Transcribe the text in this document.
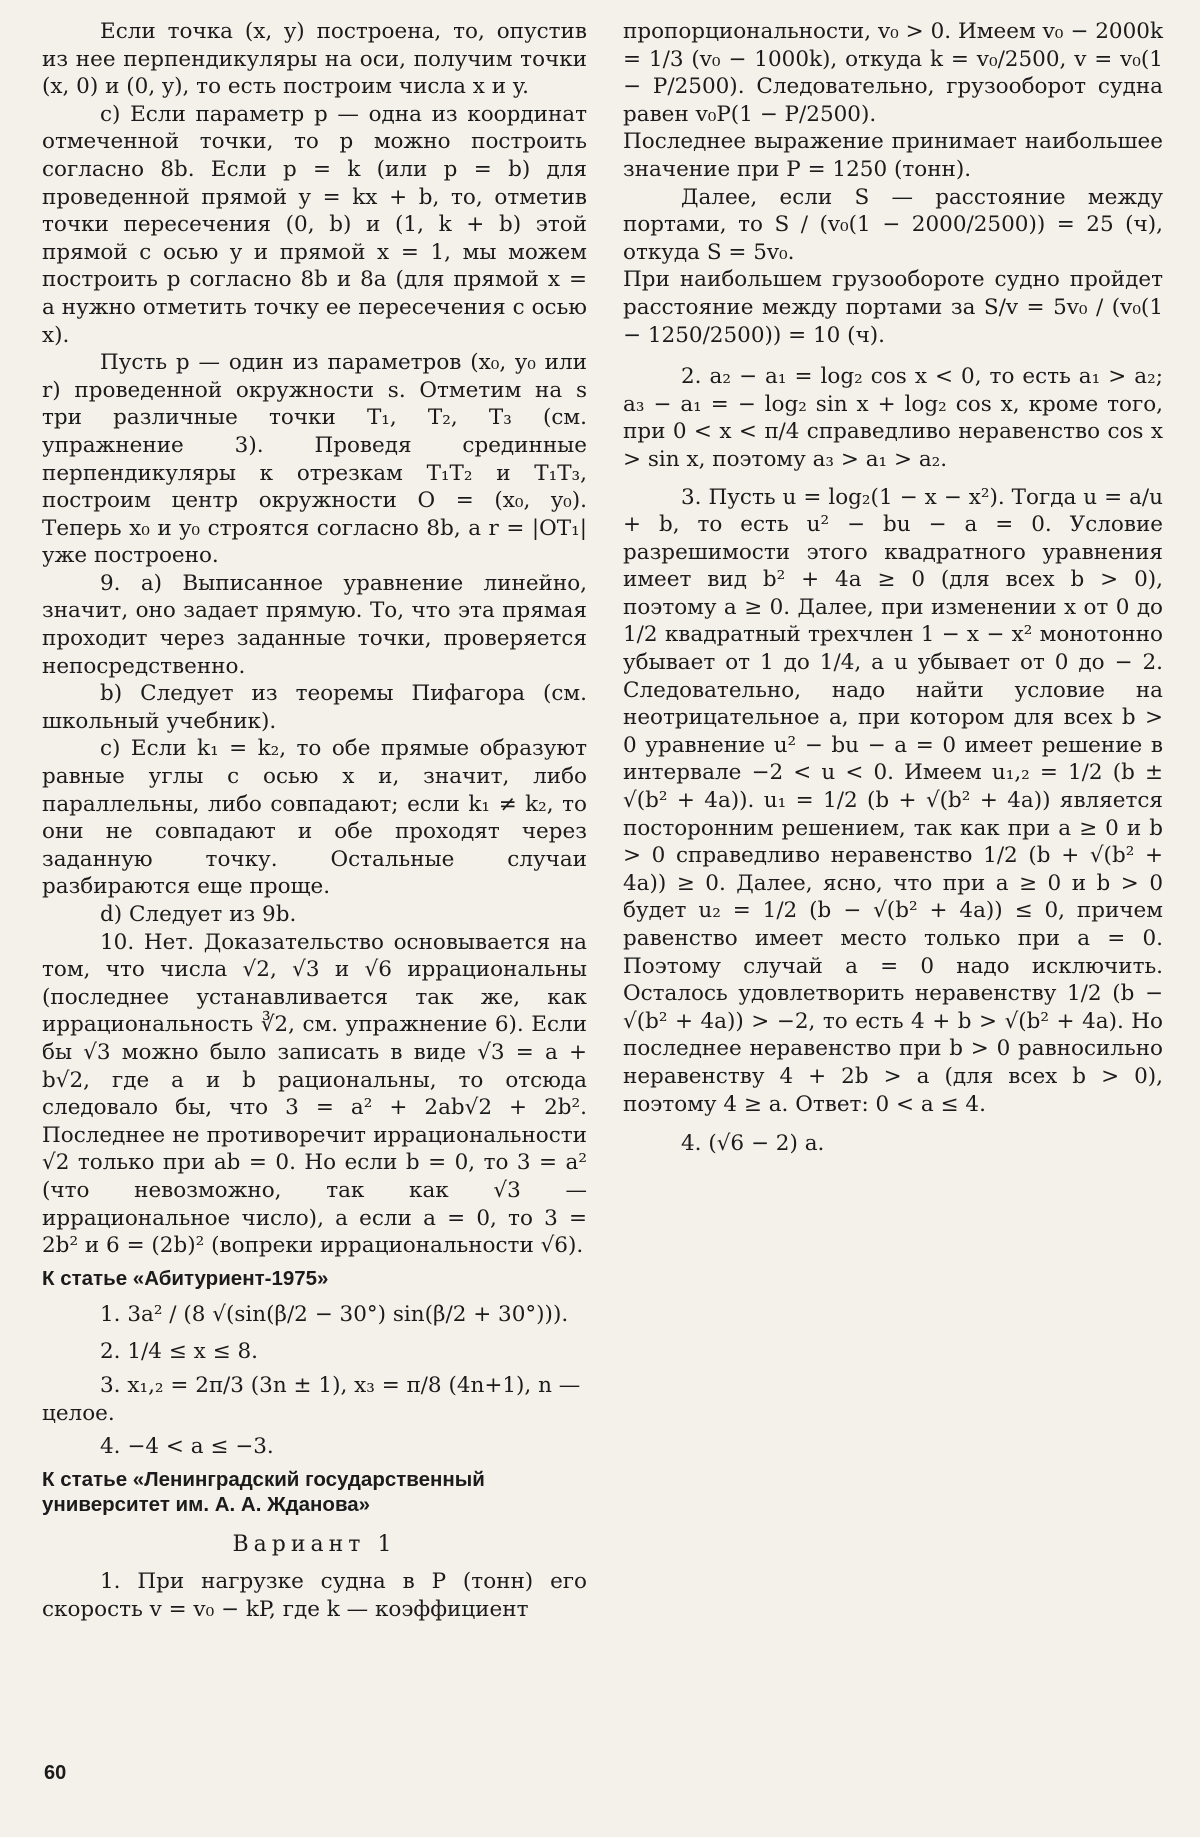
Если точка (x, y) построена, то, опустив из нее перпендикуляры на оси, получим точки (x, 0) и (0, y), то есть построим числа x и y.

c) Если параметр p — одна из координат отмеченной точки, то p можно построить согласно 8b. Если p = k (или p = b) для проведенной прямой y = kx + b, то, отметив точки пересечения (0, b) и (1, k + b) этой прямой с осью y и прямой x = 1, мы можем построить p согласно 8b и 8a (для прямой x = a нужно отметить точку ее пересечения с осью x).

Пусть p — один из параметров (x₀, y₀ или r) проведенной окружности s. Отметим на s три различные точки T₁, T₂, T₃ (см. упражнение 3). Проведя срединные перпендикуляры к отрезкам T₁T₂ и T₁T₃, построим центр окружности O = (x₀, y₀). Теперь x₀ и y₀ строятся согласно 8b, а r = |OT₁| уже построено.

9. а) Выписанное уравнение линейно, значит, оно задает прямую. То, что эта прямая проходит через заданные точки, проверяется непосредственно.

b) Следует из теоремы Пифагора (см. школьный учебник).

c) Если k₁ = k₂, то обе прямые образуют равные углы с осью x и, значит, либо параллельны, либо совпадают; если k₁ ≠ k₂, то они не совпадают и обе проходят через заданную точку. Остальные случаи разбираются еще проще.

d) Следует из 9b.

10. Нет. Доказательство основывается на том, что числа √2, √3 и √6 иррациональны (последнее устанавливается так же, как иррациональность ∛2, см. упражнение 6). Если бы √3 можно было записать в виде √3 = a + b√2, где a и b рациональны, то отсюда следовало бы, что 3 = a² + 2ab√2 + 2b². Последнее не противоречит иррациональности √2 только при ab = 0. Но если b = 0, то 3 = a² (что невозможно, так как √3 — иррациональное число), а если a = 0, то 3 = 2b² и 6 = (2b)² (вопреки иррациональности √6).

К статье «Абитуриент-1975»

1. 3a² / (8 √(sin(β/2 − 30°) sin(β/2 + 30°))).

2. 1/4 ≤ x ≤ 8.

3. x₁,₂ = 2π/3 (3n ± 1), x₃ = π/8 (4n+1), n — целое.

4. −4 < a ≤ −3.

К статье «Ленинградский государственный университет им. А. А. Жданова»

Вариант 1

1. При нагрузке судна в P (тонн) его скорость v = v₀ − kP, где k — коэффициент

пропорциональности, v₀ > 0. Имеем v₀ − 2000k = 1/3 (v₀ − 1000k), откуда k = v₀/2500, v = v₀(1 − P/2500). Следовательно, грузооборот судна равен v₀P(1 − P/2500).

Последнее выражение принимает наибольшее значение при P = 1250 (тонн).

Далее, если S — расстояние между портами, то S / (v₀(1 − 2000/2500)) = 25 (ч), откуда S = 5v₀.

При наибольшем грузообороте судно пройдет расстояние между портами за S/v = 5v₀ / (v₀(1 − 1250/2500)) = 10 (ч).

2. a₂ − a₁ = log₂ cos x < 0, то есть a₁ > a₂; a₃ − a₁ = − log₂ sin x + log₂ cos x, кроме того, при 0 < x < π/4 справедливо неравенство cos x > sin x, поэтому a₃ > a₁ > a₂.

3. Пусть u = log₂(1 − x − x²). Тогда u = a/u + b, то есть u² − bu − a = 0. Условие разрешимости этого квадратного уравнения имеет вид b² + 4a ≥ 0 (для всех b > 0), поэтому a ≥ 0. Далее, при изменении x от 0 до 1/2 квадратный трехчлен 1 − x − x² монотонно убывает от 1 до 1/4, а u убывает от 0 до − 2. Следовательно, надо найти условие на неотрицательное a, при котором для всех b > 0 уравнение u² − bu − a = 0 имеет решение в интервале −2 < u < 0. Имеем u₁,₂ = 1/2 (b ± √(b² + 4a)). u₁ = 1/2 (b + √(b² + 4a)) является посторонним решением, так как при a ≥ 0 и b > 0 справедливо неравенство 1/2 (b + √(b² + 4a)) ≥ 0. Далее, ясно, что при a ≥ 0 и b > 0 будет u₂ = 1/2 (b − √(b² + 4a)) ≤ 0, причем равенство имеет место только при a = 0. Поэтому случай a = 0 надо исключить. Осталось удовлетворить неравенству 1/2 (b − √(b² + 4a)) > −2, то есть 4 + b > √(b² + 4a). Но последнее неравенство при b > 0 равносильно неравенству 4 + 2b > a (для всех b > 0), поэтому 4 ≥ a. Ответ: 0 < a ≤ 4.

4. (√6 − 2) a.

60
